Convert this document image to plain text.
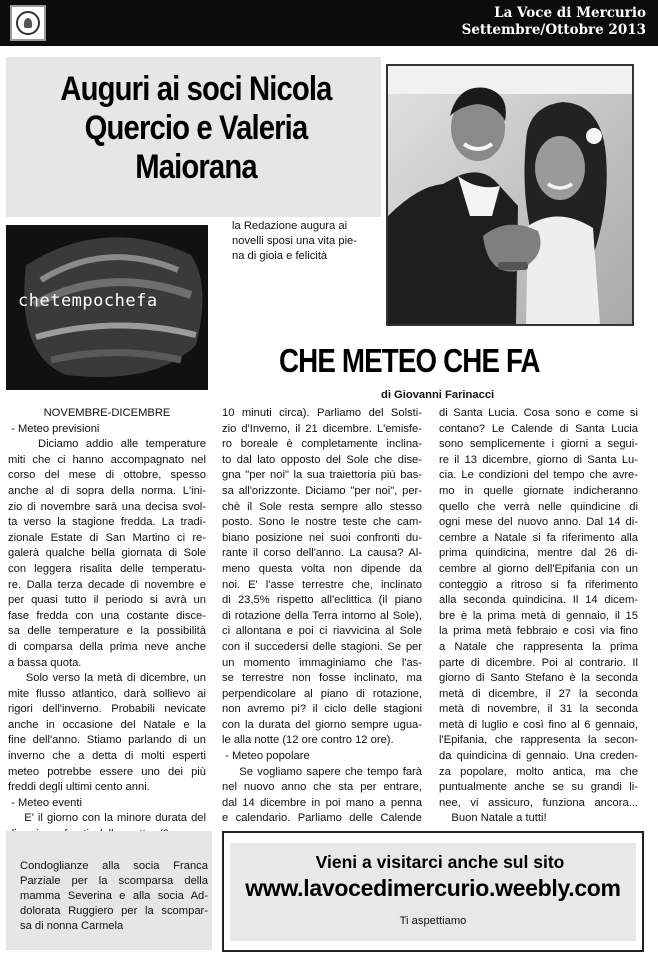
La Voce di Mercurio
Settembre/Ottobre 2013
Auguri ai soci Nicola
Quercio e Valeria
Maiorana
la Redazione augura ai
novelli sposi una vita pie-
na di gioia e felicità
chetempochefa
CHE METEO CHE FA
di Giovanni Farinacci
NOVEMBRE-DICEMBRE
- Meteo previsioni
Diciamo addio alle temperature
miti che ci hanno accompagnato nel
corso del mese di ottobre, spesso
anche al di sopra della norma. L'ini-
zio di novembre sarà una decisa svol-
ta verso la stagione fredda. La tradi-
zionale Estate di San Martino ci re-
galerà qualche bella giornata di Sole
con leggera risalita delle temperatu-
re. Dalla terza decade di novembre e
per quasi tutto il periodo si avrà un
fase fredda con una costante disce-
sa delle temperature e la possibilità
di comparsa della prima neve anche
a bassa quota.
Solo verso la metà di dicembre, un
mite flusso atlantico, darà sollievo ai
rigori dell'inverno. Probabili nevicate
anche in occasione del Natale e la
fine dell'anno. Stiamo parlando di un
inverno che a detta di molti esperti
meteo potrebbe essere uno dei più
freddi degli ultimi cento anni.
- Meteo eventi
E' il giorno con la minore durata del
10 minuti circa). Parliamo del Solsti-
zio d'Inverno, il 21 dicembre. L'emisfe-
ro boreale è completamente inclina-
to dal lato opposto del Sole che dise-
gna "per noi" la sua traiettoria più bas-
sa all'orizzonte. Diciamo "per noi", per-
chè il Sole resta sempre allo stesso
posto. Sono le nostre teste che cam-
biano posizione nei suoi confronti du-
rante il corso dell'anno. La causa? Al-
meno questa volta non dipende da
noi. E' l'asse terrestre che, inclinato
di 23,5% rispetto all'eclittica (il piano
di rotazione della Terra intorno al Sole),
ci allontana e poi ci riavvicina al Sole
con il succedersi delle stagioni. Se per
un momento immaginiamo che l'as-
se terrestre non fosse inclinato, ma
perpendicolare al piano di rotazione,
non avremo pi? il ciclo delle stagioni
con la durata del giorno sempre ugua-
le alla notte (12 ore contro 12 ore).
- Meteo popolare
Se vogliamo sapere che tempo farà
nel nuovo anno che sta per entrare,
dal 14 dicembre in poi mano a penna
e calendario. Parliamo delle Calende
di Santa Lucia. Cosa sono e come si
contano? Le Calende di Santa Lucia
sono semplicemente i giorni a segui-
re il 13 dicembre, giorno di Santa Lu-
cia. Le condizioni del tempo che avre-
mo in quelle giornate indicheranno
quello che verrà nelle quindicine di
ogni mese del nuovo anno. Dal 14 di-
cembre a Natale si fa riferimento alla
prima quindicina, mentre dal 26 di-
cembre al giorno dell'Epifania con un
conteggio a ritroso si fa riferimento
alla seconda quindicina. Il 14 dicem-
bre è la prima metà di gennaio, il 15
la prima metà febbraio e così via fino
a Natale che rappresenta la prima
parte di dicembre. Poi al contrario. Il
giorno di Santo Stefano è la seconda
metà di dicembre, il 27 la seconda
metà di novembre, il 31 la seconda
metà di luglio e così fino al 6 gennaio,
l'Epifania, che rappresenta la secon-
da quindicina di gennaio. Una creden-
za popolare, molto antica, ma che
puntualmente anche se su grandi li-
nee, vi assicuro, funziona ancora...
Buon Natale a tutti!
Condoglianze alla socia Franca
Parziale per la scomparsa della
mamma Severina e alla socia Ad-
dolorata Ruggiero per la scompar-
sa di nonna Carmela
Vieni a visitarci anche sul sito
www.lavocedimercurio.weebly.com
Ti aspettiamo
